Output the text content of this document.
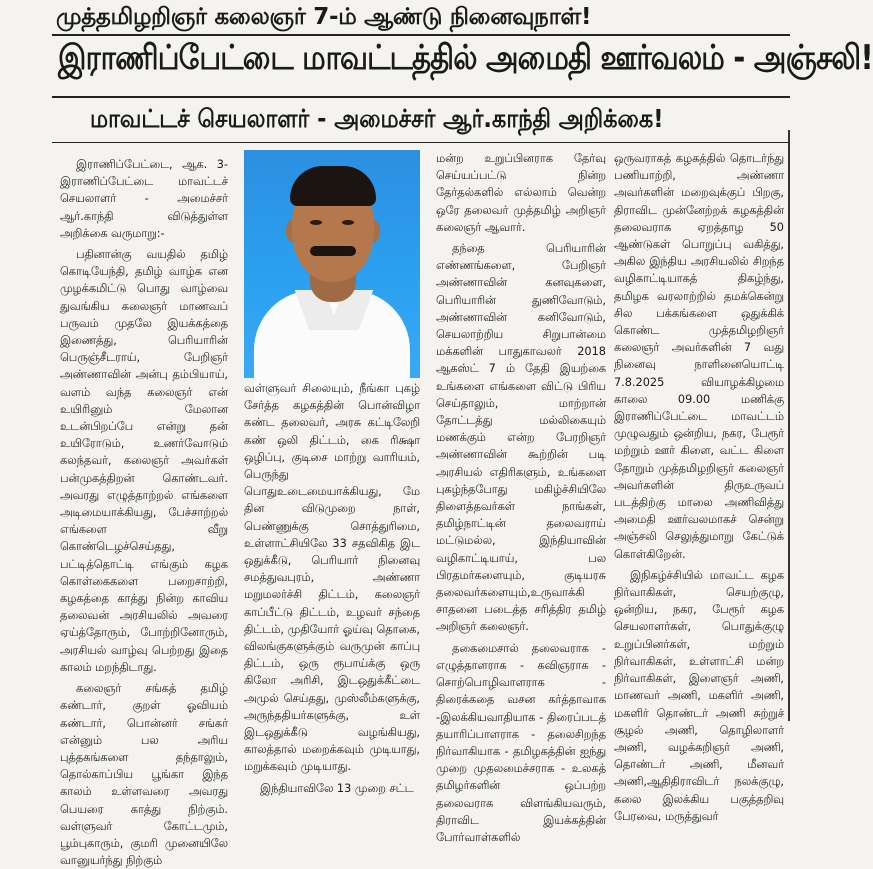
முத்தமிழறிஞர் கலைஞர் 7-ம் ஆண்டு நினைவுநாள்!
இராணிப்பேட்டை மாவட்டத்தில் அமைதி ஊர்வலம் - அஞ்சலி!
மாவட்டச் செயலாளர் - அமைச்சர் ஆர்.காந்தி அறிக்கை!

இராணிப்பேட்டை, ஆக. 3- இராணிப்பேட்டை மாவட்டச் செயலாளர் - அமைச்சர் ஆர்.காந்தி விடுத்துள்ள அறிக்கை வருமாறு:-

பதினான்கு வயதில் தமிழ் கொடியேந்தி, தமிழ் வாழ்க என முழக்கமிட்டு பொது வாழ்வை துவங்கிய கலைஞர் மாணவப் பருவம் முதலே இயக்கத்தை இணைத்து, பெரியாரின் பெருஞ்சீடராய், பேறிஞர் அண்ணாவின் அன்பு தம்பியாய், வளம் வந்த கலைஞர் என் உயிரினும் மேலான உடன்பிறப்பே என்று தன் உயிரோடும், உணர்வோடும் கலந்தவர், கலைஞர் அவர்கள் பன்முகத்திறன் கொண்டவர். அவரது எழுத்தாற்றல் எங்களை அடிமையாக்கியது, பேச்சாற்றல் எங்களை வீறு கொண்டெழச்செய்தது, பட்டித்தொட்டி எங்கும் கழக கொள்கைகளை பறைசாற்றி, கழகத்தை காத்து நின்ற காவிய தலைவன் அரசியலில் அவரை ஏய்த்தோரும், போற்றினோரும், அரசியல் வாழ்வு பெற்றது இதை காலம் மறந்திடாது.

கலைஞர் சங்கத் தமிழ் கண்டார், குறள் ஓவியம் கண்டார், பொன்னர் சங்கர் என்னும் பல அரிய புத்தகங்களை தந்தாலும், தொல்காப்பிய பூங்கா இந்த காலம் உள்ளவரை அவரது பெயரை காத்து நிற்கும். வள்ளுவர் கோட்டமும், பூம்புகாரும், குமரி முனையிலே வானுயர்ந்து நிற்கும்

வள்ளுவர் சிலையும், நீங்கா புகழ் சேர்த்த கழகத்தின் பொன்விழா கண்ட தலைவர், அரசு கட்டிலேறி கண் ஒலி திட்டம், கை ரிக்ஷா ஒழிப்பு, குடிசை மாற்று வாரியம், பெருந்து பொதுஉடைமையாக்கியது, மே தின விடுமுறை நாள், பெண்ணுக்கு சொத்துரிமை, உள்ளாட்சியிலே 33 சதவிகித இட ஒதுக்கீடு, பெரியார் நினைவு சமத்துவபுரம், அண்ணா மறுமலர்ச்சி திட்டம், கலைஞர் காப்பீட்டு திட்டம், உழவர் சந்தை திட்டம், முதியோர் ஓய்வு தொகை, விலங்குகளுக்கும் வருமுன் காப்பு திட்டம், ஒரு ரூபாய்க்கு ஒரு கிலோ அரிசி, இடஒதுக்கீட்டை அமுல் செய்தது, முஸ்லீம்களுக்கு, அருந்ததியர்களுக்கு, உள் இடஒதுக்கீடு வழங்கியது, காலத்தால் மறைக்கவும் முடியாது, மறுக்கவும் முடியாது.

இந்தியாவிலே 13 முறை சட்ட

மன்ற உறுப்பினராக தேர்வு செய்யப்பட்டு நின்ற தேர்தல்களில் எல்லாம் வென்ற ஒரே தலைவர் முத்தமிழ் அறிஞர் கலைஞர் ஆவார்.

தந்தை பெரியாரின் எண்ணங்களை, பேறிஞர் அண்ணாவின் கனவுகளை, பெரியாரின் துணிவோடும், அண்ணாவின் கனிவோடும், செயலாற்றிய சிறுபான்மை மக்களின் பாதுகாவலர் 2018 ஆகஸ்ட் 7 ம் தேதி இயற்கை உங்களை எங்களை விட்டு பிரிய செய்தாலும், மாற்றான் தோட்டத்து மல்லிகையும் மணக்கும் என்ற பேரறிஞர் அண்ணாவின் கூற்றின் படி அரசியல் எதிரிகளும், உங்களை புகழ்ந்தபோது மகிழ்ச்சியிலே திளைத்தவர்கள் நாங்கள், தமிழ்நாட்டின் தலைவராய் மட்டுமல்ல, இந்தியாவின் வழிகாட்டியாய், பல பிரதமர்களையும், குடியரசு தலைவர்களையும்,உருவாக்கி சாதனை படைத்த சரித்திர தமிழ் அறிஞர் கலைஞர்.

தகைமைசால் தலைவராக - எழுத்தாளராக - கவிஞராக - சொற்பொழிவாளராக - திரைக்கதை வசன கர்த்தாவாக -இலக்கியவாதியாக - திரைப்படத் தயாரிப்பாளராக - தலைசிறந்த நிர்வாகியாக - தமிழகத்தின் ஐந்து முறை முதலமைச்சராக - உலகத் தமிழர்களின் ஒப்பற்ற தலைவராக விளங்கியவரும், திராவிட இயக்கத்தின் போர்வாள்களில்

ஒருவராகத் கழகத்தில் தொடர்ந்து பணியாற்றி, அண்ணா அவர்களின் மறைவுக்குப் பிறகு, திராவிட முன்னேற்றக் கழகத்தின் தலைவராக ஏறத்தாழ 50 ஆண்டுகள் பொறுப்பு வகித்து, அகில இந்திய அரசியலில் சிறந்த வழிகாட்டியாகத் திகழ்ந்து, தமிழக வரலாற்றில் தமக்கென்று சில பக்கங்களை ஒதுக்கிக் கொண்ட முத்தமிழறிஞர் கலைஞர் அவர்களின் 7 வது நினைவு நாளினையொட்டி 7.8.2025 வியாழக்கிழமை காலை 09.00 மணிக்கு இராணிப்பேட்டை மாவட்டம் முழுவதும் ஒன்றிய, நகர, பேரூர் மற்றும் ஊர் கிளை, வட்ட கிளை தோறும் முத்தமிழறிஞர் கலைஞர் அவர்களின் திருஉருவப் படத்திற்கு மாலை அணிவித்து அமைதி ஊர்வலமாகச் சென்று அஞ்சலி செலுத்துமாறு கேட்டுக் கொள்கிறேன்.

இநிகழ்ச்சியில் மாவட்ட கழக நிர்வாகிகள், செயற்குழு, ஒன்றிய, நகர, பேரூர் கழக செயலாளர்கள், பொதுக்குழு உறுப்பினர்கள், மற்றும் நிர்வாகிகள், உள்ளாட்சி மன்ற நிர்வாகிகள், இளைஞர் அணி, மாணவர் அணி, மகளிர் அணி, மகளிர் தொண்டர் அணி சுற்றுச் சூழல் அணி, தொழிலாளர் அணி, வழக்கறிஞர் அணி, தொண்டர் அணி, மீனவர் அணி,ஆதிதிராவிடர் நலக்குழு, கலை இலக்கிய பகுத்தறிவு பேரவை, மருத்துவர்
